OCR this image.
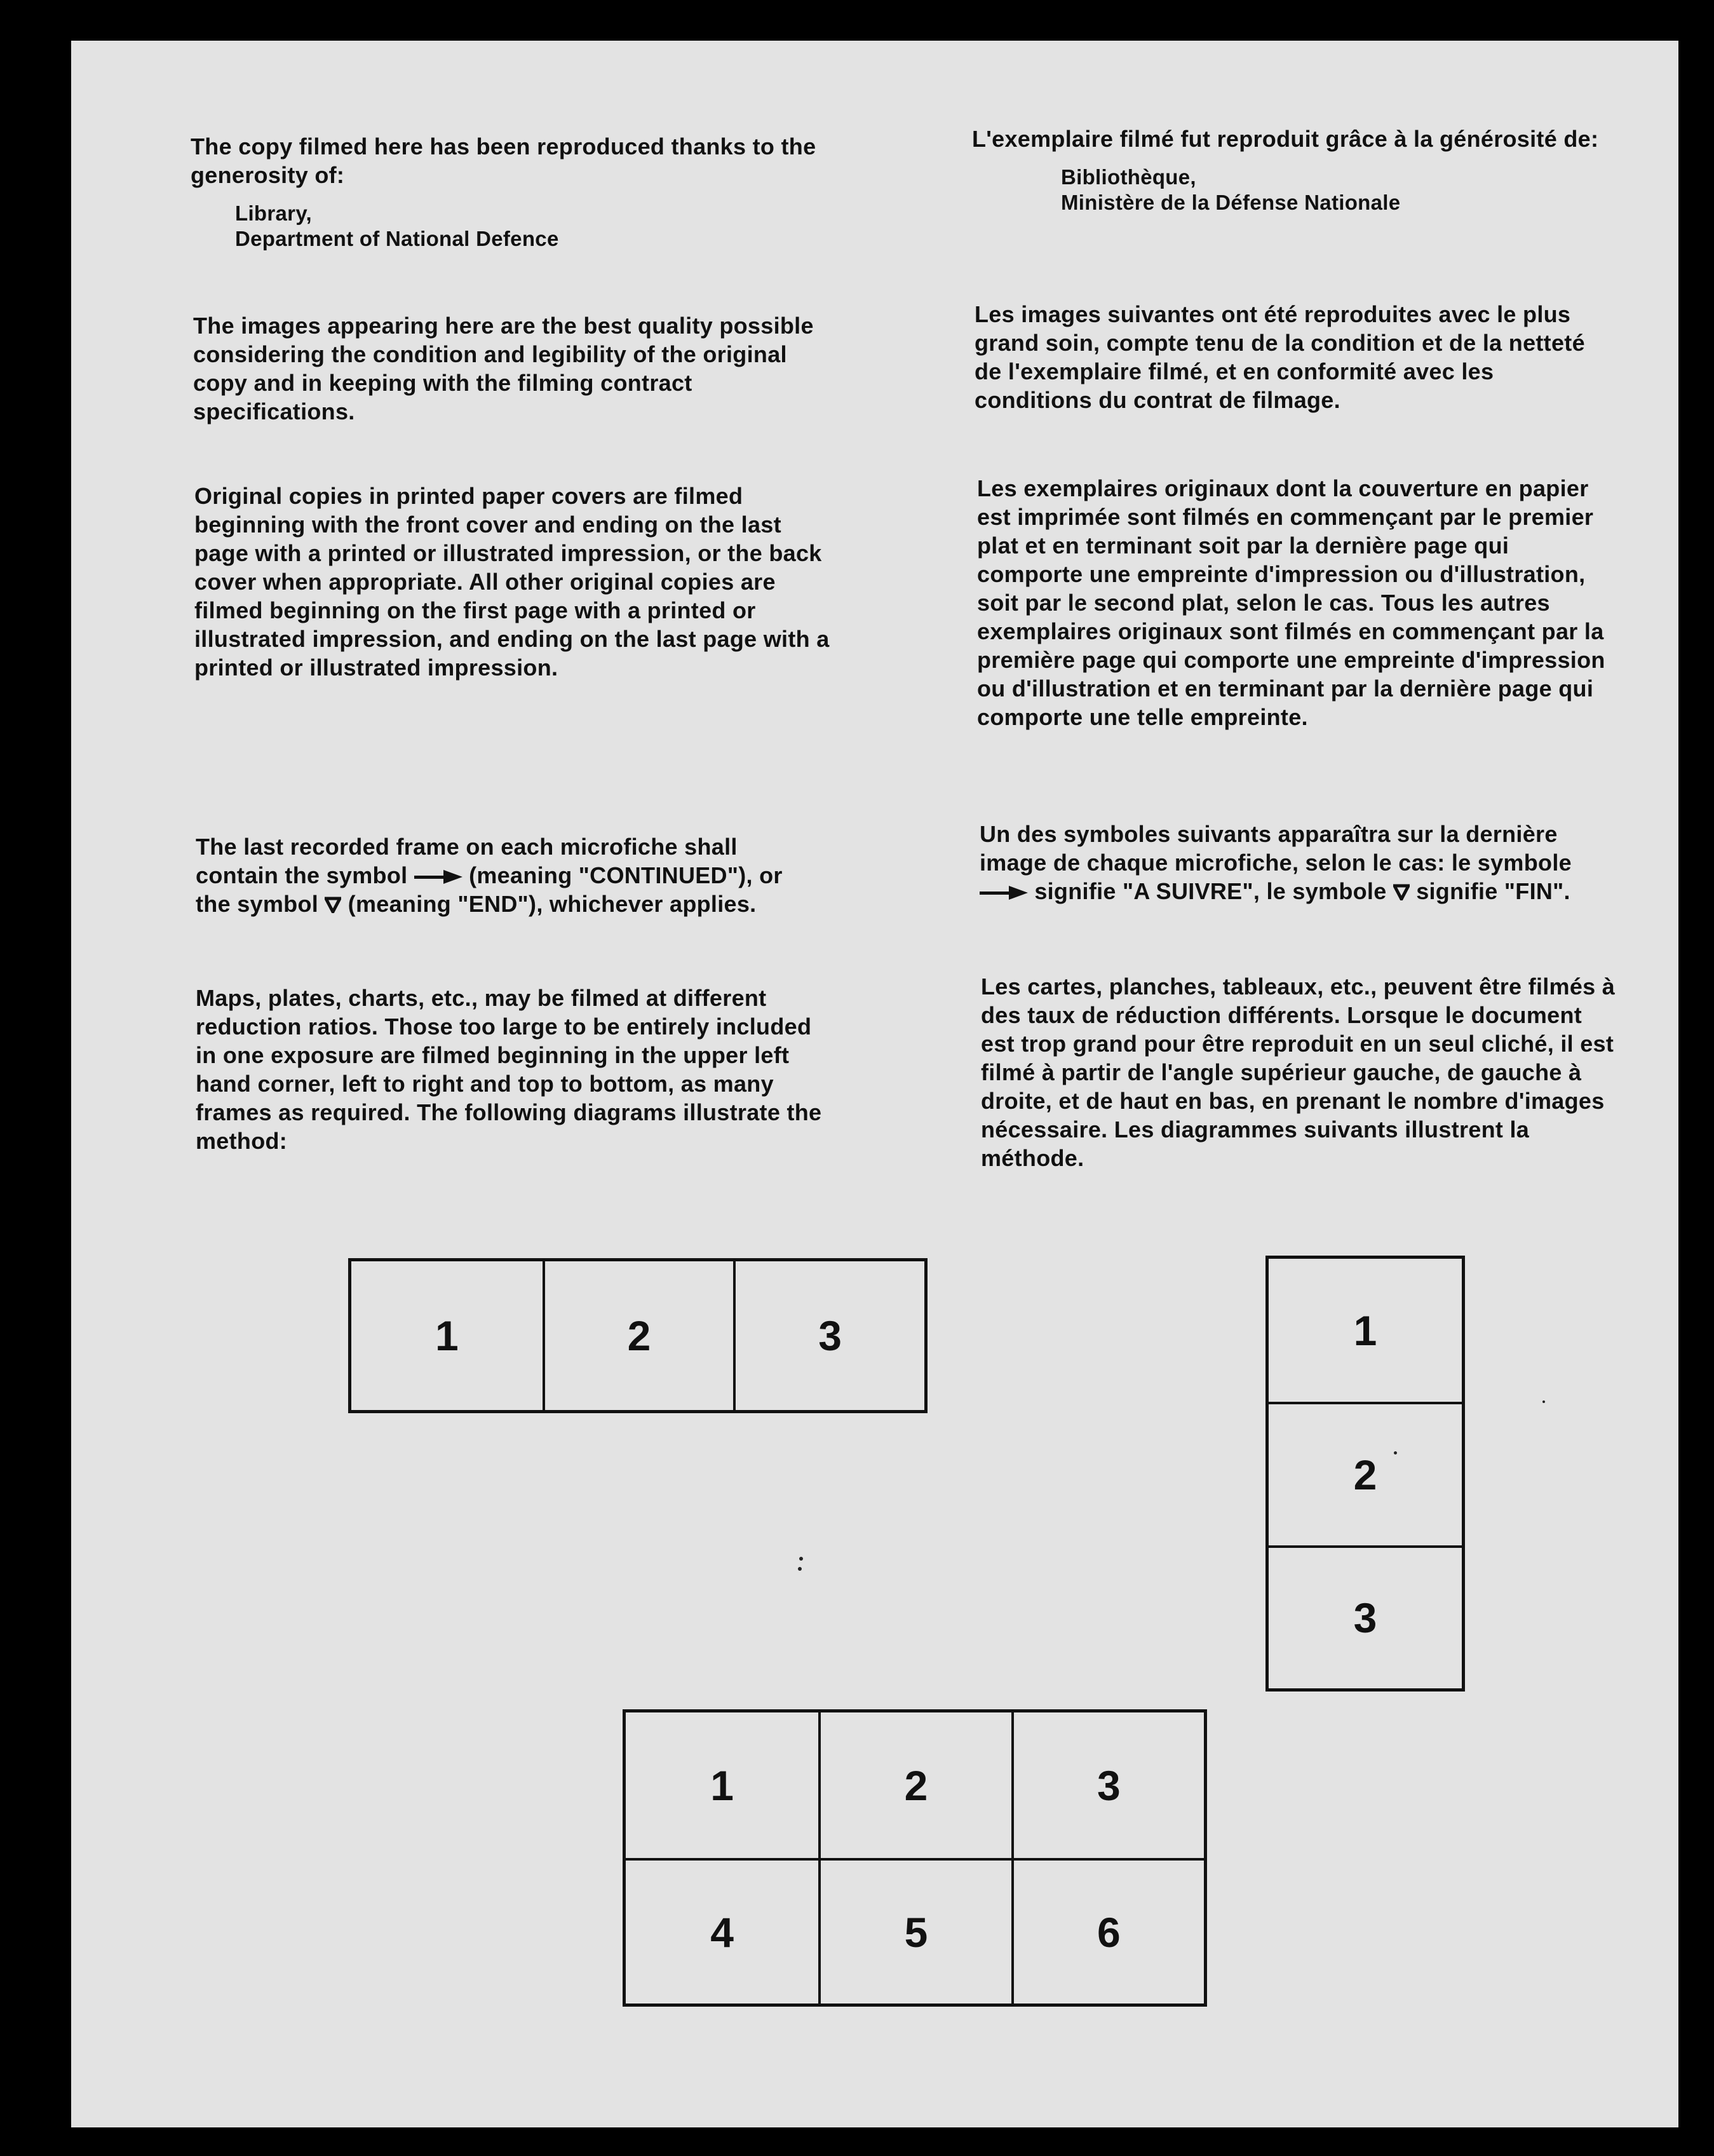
The copy filmed here has been reproduced thanks to the generosity of:

Library,
Department of National Defence

The images appearing here are the best quality possible considering the condition and legibility of the original copy and in keeping with the filming contract specifications.

Original copies in printed paper covers are filmed beginning with the front cover and ending on the last page with a printed or illustrated impression, or the back cover when appropriate. All other original copies are filmed beginning on the first page with a printed or illustrated impression, and ending on the last page with a printed or illustrated impression.

The last recorded frame on each microfiche shall contain the symbol	(meaning "CONTINUED"), or the symbol (meaning "END"), whichever applies.

Maps, plates, charts, etc., may be filmed at different reduction ratios. Those too large to be entirely included in one exposure are filmed beginning in the upper left hand corner, left to right and top to bottom, as many frames as required. The following diagrams illustrate the method:

L'exemplaire filmé fut reproduit grâce à la générosité de:

Bibliothèque,
Ministère de la Défense Nationale

Les images suivantes ont été reproduites avec le plus grand soin, compte tenu de la condition et de la netteté de l'exemplaire filmé, et en conformité avec les conditions du contrat de filmage.

Les exemplaires originaux dont la couverture en papier est imprimée sont filmés en commençant par le premier plat et en terminant soit par la dernière page qui comporte une empreinte d'impression ou d'illustration, soit par le second plat, selon le cas. Tous les autres exemplaires originaux sont filmés en commençant par la première page qui comporte une empreinte d'impression ou d'illustration et en terminant par la dernière page qui comporte une telle empreinte.

Un des symboles suivants apparaîtra sur la dernière image de chaque microfiche, selon le cas: le symbole  signifie "A SUIVRE", le symbole signifie "FIN".

Les cartes, planches, tableaux, etc., peuvent être filmés à des taux de réduction différents. Lorsque le document est trop grand pour être reproduit en un seul cliché, il est filmé à partir de l'angle supérieur gauche, de gauche à droite, et de haut en bas, en prenant le nombre d'images nécessaire. Les diagrammes suivants illustrent la méthode.

1	2	3	1
2
3
1	2	3
4	5	6
